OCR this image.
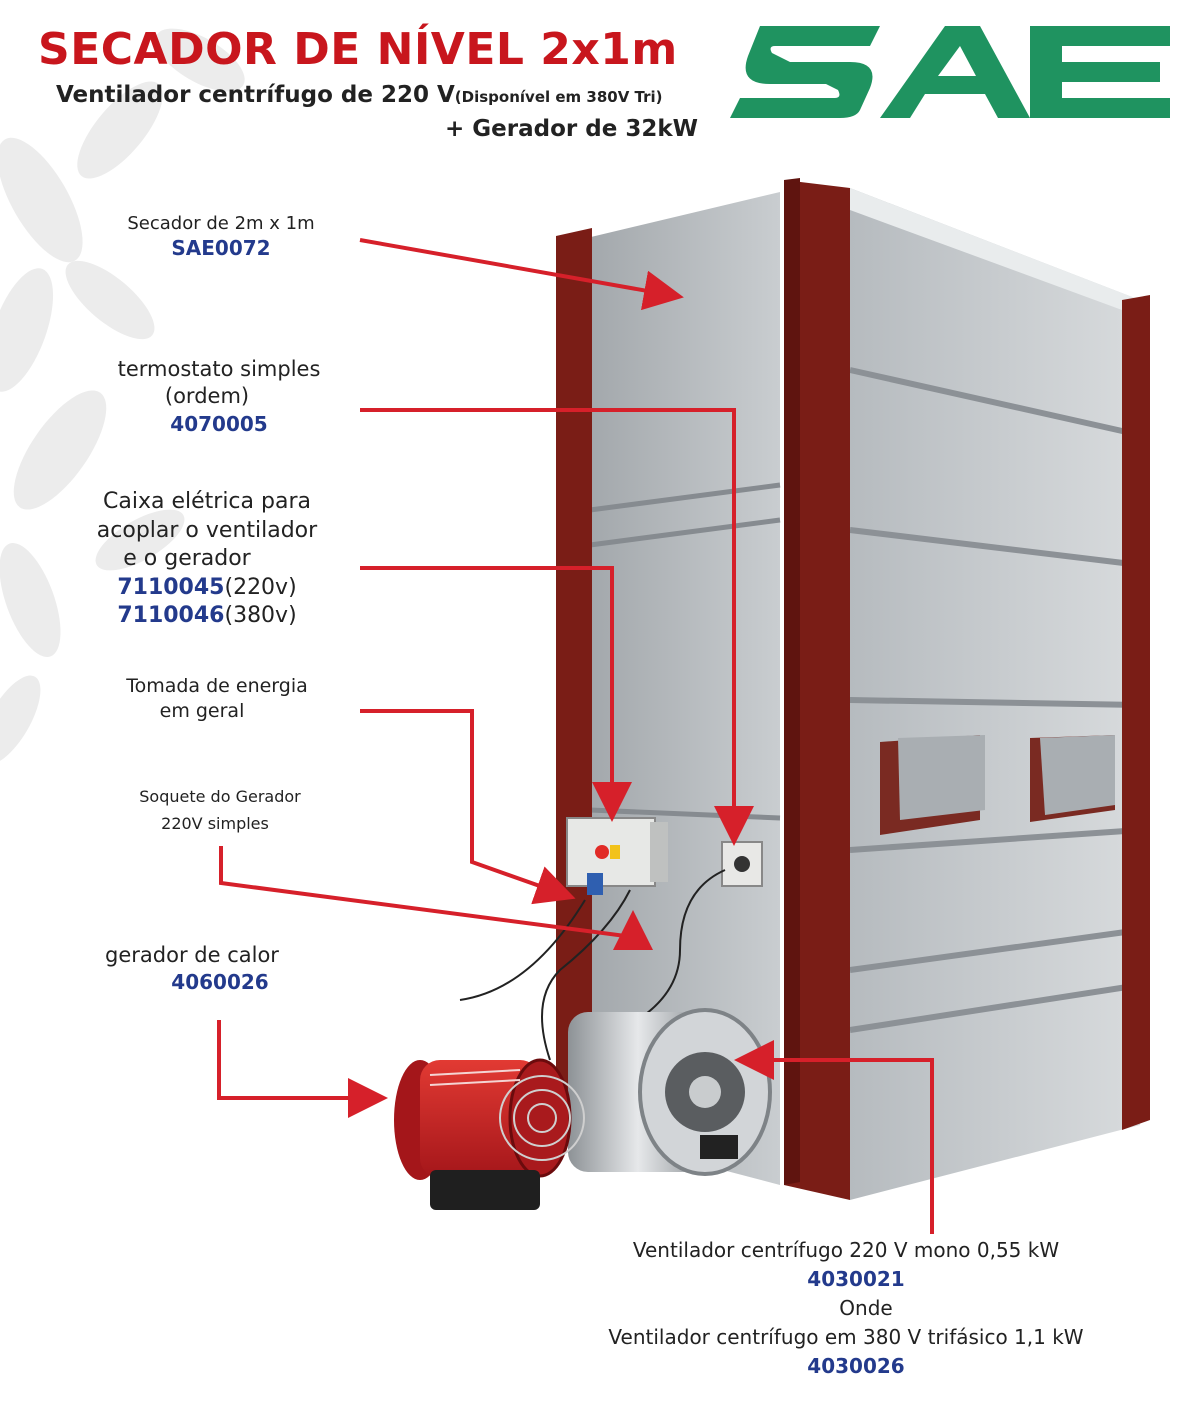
SECADOR DE NÍVEL 2x1m
Ventilador centrífugo de 220 V(Disponível em 380V Tri)
+ Gerador de 32kW
Secador de 2m x 1m
SAE0072
termostato simples
(ordem)
4070005
Caixa elétrica para
acoplar o ventilador
e o gerador
7110045(220v)
7110046(380v)
Tomada de energia
em geral
Soquete do Gerador
220V simples
gerador de calor
4060026
Ventilador centrífugo 220 V mono 0,55 kW
4030021
Onde
Ventilador centrífugo em 380 V trifásico 1,1 kW
4030026
